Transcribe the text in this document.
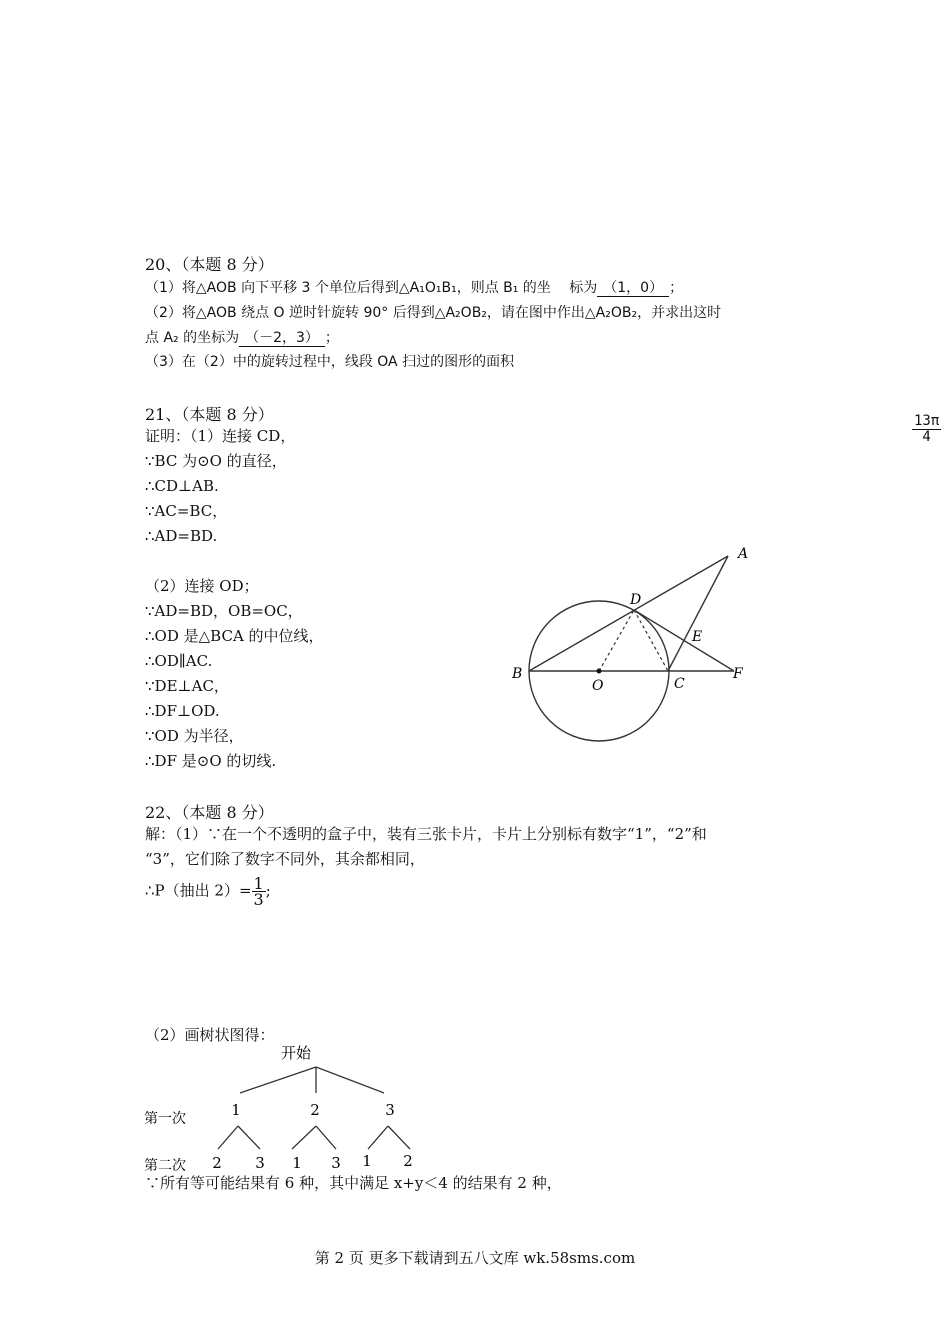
20、（本题 8 分）
（1）将△AOB 向下平移 3 个单位后得到△A₁O₁B₁，则点 B₁ 的坐　 标为 （1，0） ；
（2）将△AOB 绕点 O 逆时针旋转 90° 后得到△A₂OB₂，请在图中作出△A₂OB₂，并求出这时
点 A₂ 的坐标为 （－2，3） ；
（3）在（2）中的旋转过程中，线段 OA 扫过的图形的面积
$\frac{13\pi}{4}$
21、（本题 8 分）
证明：（1）连接 CD，
∵BC 为⊙O 的直径，
∴CD⊥AB.
∵AC=BC，
∴AD=BD.
（2）连接 OD；
∵AD=BD，OB=OC，
∴OD 是△BCA 的中位线，
∴OD∥AC.
∵DE⊥AC，
∴DF⊥OD.
∵OD 为半径，
∴DF 是⊙O 的切线.
A
B
C
D
E
F
O
22、（本题 8 分）
解：（1）∵在一个不透明的盒子中，装有三张卡片，卡片上分别标有数字“1”，“2”和
“3”，它们除了数字不同外，其余都相同，
∴P（抽出 $2)= \frac{1}{3}$ ;
（2）画树状图得：
开始
第一次
第二次
1	2	3
2 3 1 3 1 2
∵所有等可能结果有 6 种，其中满足 x+y＜4 的结果有 2 种，
第 2 页 更多下载请到五八文库 wk.58sms.com
